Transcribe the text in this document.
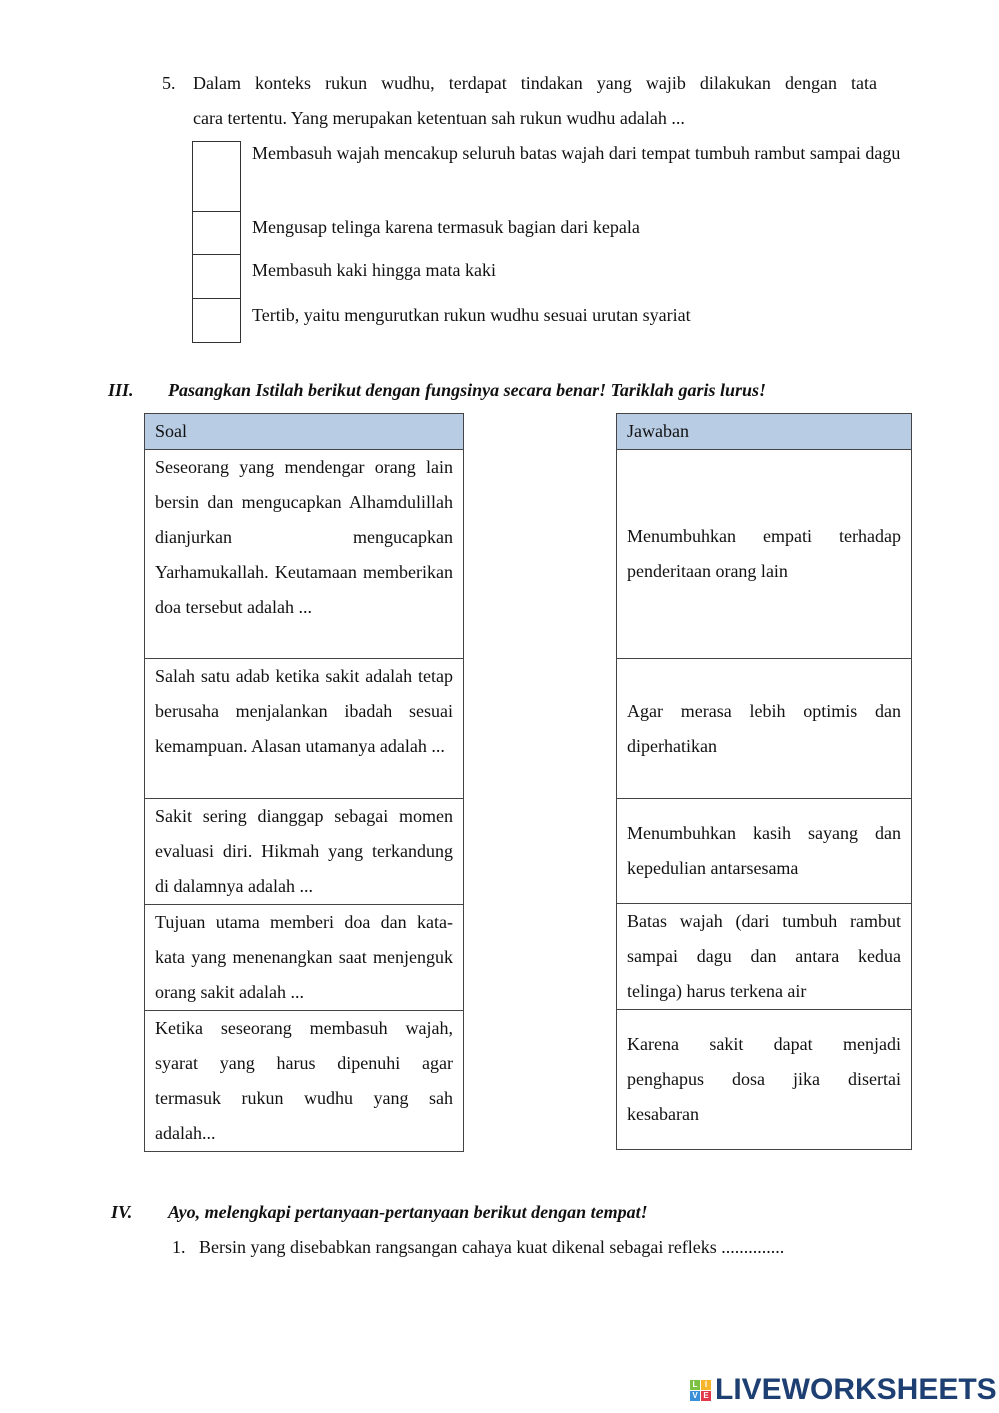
5. Dalam konteks rukun wudhu, terdapat tindakan yang wajib dilakukan dengan tata
cara tertentu. Yang merupakan ketentuan sah rukun wudhu adalah ...
Membasuh wajah mencakup seluruh batas wajah dari tempat tumbuh rambut sampai dagu
Mengusap telinga karena termasuk bagian dari kepala
Membasuh kaki hingga mata kaki
Tertib, yaitu mengurutkan rukun wudhu sesuai urutan syariat
III. Pasangkan Istilah berikut dengan fungsinya secara benar! Tariklah garis lurus!
Soal
Seseorang yang mendengar orang lain bersin dan mengucapkan Alhamdulillah dianjurkan mengucapkan Yarhamukallah. Keutamaan memberikan doa tersebut adalah ...
Salah satu adab ketika sakit adalah tetap berusaha menjalankan ibadah sesuai kemampuan. Alasan utamanya adalah ...
Sakit sering dianggap sebagai momen evaluasi diri. Hikmah yang terkandung di dalamnya adalah ...
Tujuan utama memberi doa dan kata-kata yang menenangkan saat menjenguk orang sakit adalah ...
Ketika seseorang membasuh wajah, syarat yang harus dipenuhi agar termasuk rukun wudhu yang sah adalah...
Jawaban
Menumbuhkan empati terhadap penderitaan orang lain
Agar merasa lebih optimis dan diperhatikan
Menumbuhkan kasih sayang dan kepedulian antarsesama
Batas wajah (dari tumbuh rambut sampai dagu dan antara kedua telinga) harus terkena air
Karena sakit dapat menjadi penghapus dosa jika disertai kesabaran
IV. Ayo, melengkapi pertanyaan-pertanyaan berikut dengan tempat!
1. Bersin yang disebabkan rangsangan cahaya kuat dikenal sebagai refleks ..............
L I
V E LIVEWORKSHEETS
